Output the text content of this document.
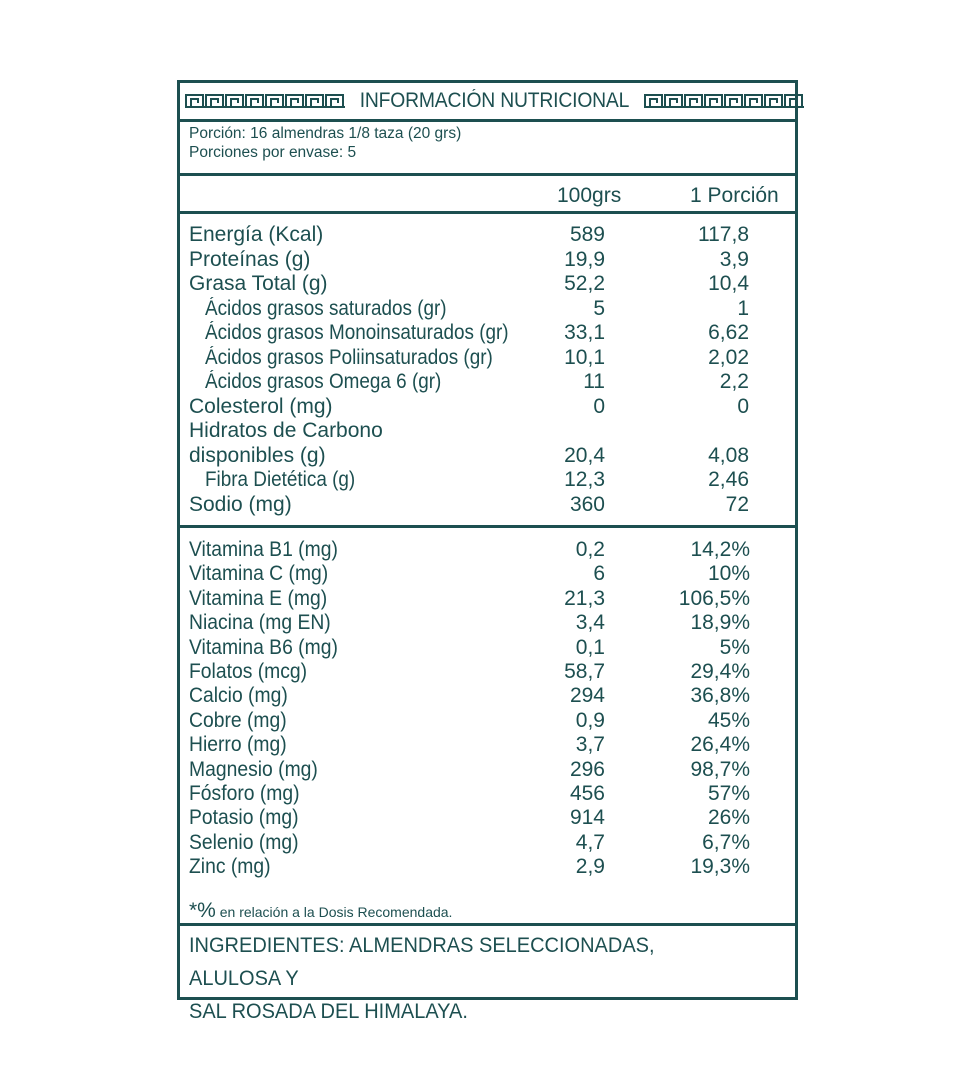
INFORMACIÓN NUTRICIONAL
Porción: 16 almendras 1/8 taza (20 grs)
Porciones por envase: 5
100grs	1 Porción
Energía (Kcal)	589	117,8
Proteínas (g)	19,9	3,9
Grasa Total (g)	52,2	10,4
Ácidos grasos saturados (gr)	5	1
Ácidos grasos Monoinsaturados (gr)	33,1	6,62
Ácidos grasos Poliinsaturados (gr)	10,1	2,02
Ácidos grasos Omega 6 (gr)	11	2,2
Colesterol (mg)	0	0
Hidratos de Carbono
disponibles (g)	20,4	4,08
Fibra Dietética (g)	12,3	2,46
Sodio (mg)	360	72
Vitamina B1 (mg)	0,2	14,2%
Vitamina C (mg)	6	10%
Vitamina E (mg)	21,3	106,5%
Niacina (mg EN)	3,4	18,9%
Vitamina B6 (mg)	0,1	5%
Folatos (mcg)	58,7	29,4%
Calcio (mg)	294	36,8%
Cobre (mg)	0,9	45%
Hierro (mg)	3,7	26,4%
Magnesio (mg)	296	98,7%
Fósforo (mg)	456	57%
Potasio (mg)	914	26%
Selenio (mg)	4,7	6,7%
Zinc (mg)	2,9	19,3%
*% en relación a la Dosis Recomendada.
INGREDIENTES: ALMENDRAS SELECCIONADAS, ALULOSA Y
SAL ROSADA DEL HIMALAYA.
